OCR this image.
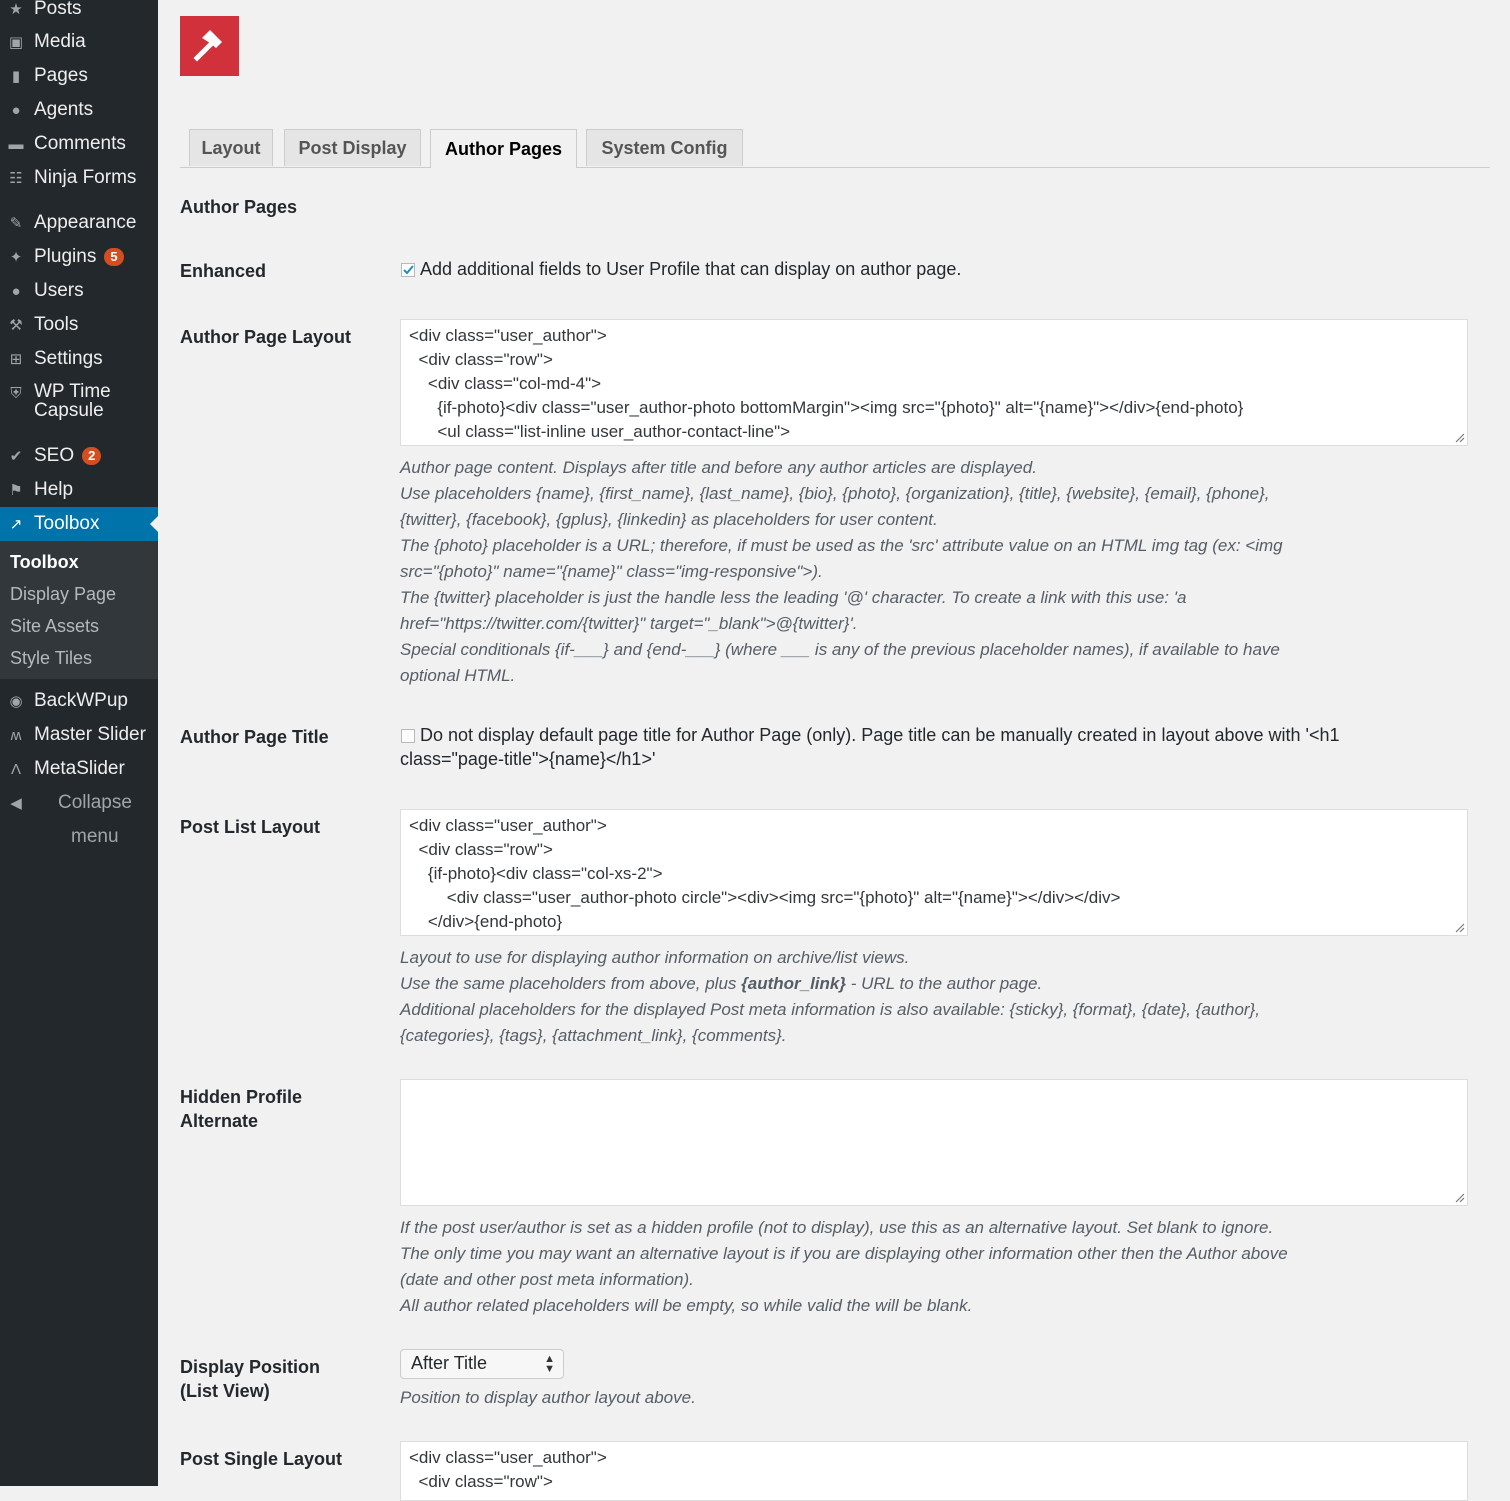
★ Posts
▣ Media
▮ Pages
● Agents
▬ Comments
☷ Ninja Forms
✎ Appearance
✦ Plugins	5
● Users
⚒ Tools
⊞ Settings
⛨ WP Time
Capsule
✔ SEO	2
⚑ Help
↗ Toolbox
Toolbox
Display Page
Site Assets
Style Tiles
◉ BackWPup
ʍ Master Slider
Λ MetaSlider
◀ Collapse
menu
Layout	Post Display	Author Pages	System Config
Author Pages
Enhanced	Add additional fields to User Profile that can display on author page.
Author Page Layout	<div class="user_author">
<div class="row">
<div class="col-md-4">
{if-photo}<div class="user_author-photo bottomMargin"><img src="{photo}" alt="{name}"></div>{end-photo}
<ul class="list-inline user_author-contact-line">

Author page content. Displays after title and before any author articles are displayed.
Use placeholders {name}, {first_name}, {last_name}, {bio}, {photo}, {organization}, {title}, {website}, {email}, {phone},
{twitter}, {facebook}, {gplus}, {linkedin} as placeholders for user content.
The {photo} placeholder is a URL; therefore, if must be used as the 'src' attribute value on an HTML img tag (ex: <img
src="{photo}" name="{name}" class="img-responsive">).
The {twitter} placeholder is just the handle less the leading '@' character. To create a link with this use: 'a
href="https://twitter.com/{twitter}" target="_blank">@{twitter}'.
Special conditionals {if-___} and {end-___} (where ___ is any of the previous placeholder names), if available to have
optional HTML.
Author Page Title	Do not display default page title for Author Page (only). Page title can be manually created in layout above with '<h1
class="page-title">{name}</h1>'
Post List Layout	<div class="user_author">
<div class="row">
{if-photo}<div class="col-xs-2">
<div class="user_author-photo circle"><div><img src="{photo}" alt="{name}"></div></div>
</div>{end-photo}

Layout to use for displaying author information on archive/list views.
Use the same placeholders from above, plus {author_link} - URL to the author page.
Additional placeholders for the displayed Post meta information is also available: {sticky}, {format}, {date}, {author},
{categories}, {tags}, {attachment_link}, {comments}.
Hidden Profile
Alternate

If the post user/author is set as a hidden profile (not to display), use this as an alternative layout. Set blank to ignore.
The only time you may want an alternative layout is if you are displaying other information other then the Author above
(date and other post meta information).
All author related placeholders will be empty, so while valid the will be blank.
Display Position
(List View)
After Title	▲
▼
Position to display author layout above.
Post Single Layout	<div class="user_author">
<div class="row">
